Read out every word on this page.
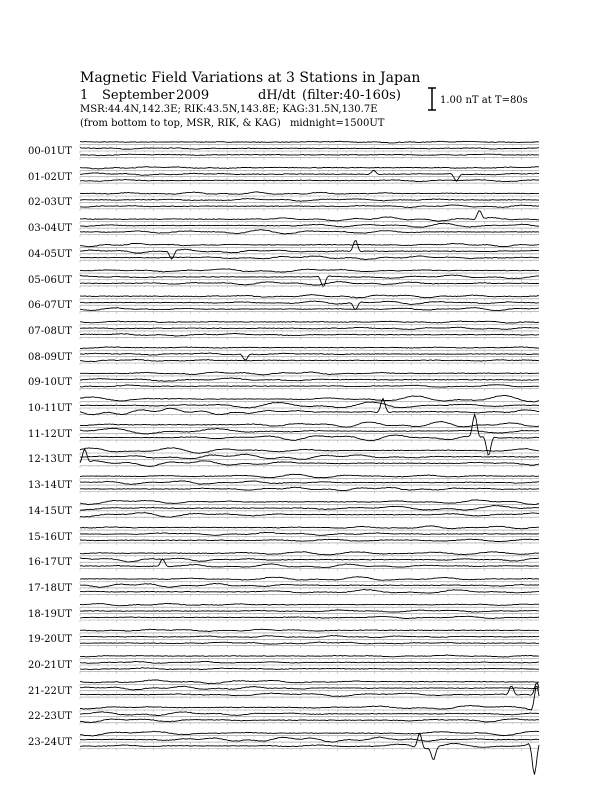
Magnetic Field Variations at 3 Stations in Japan
1 September 2009	dH/dt (filter:40-160s)
MSR:44.4N,142.3E; RIK:43.5N,143.8E; KAG:31.5N,130.7E
(from bottom to top, MSR, RIK, & KAG) midnight=1500UT
1.00 nT at T=80s
00-01UT
01-02UT
02-03UT
03-04UT
04-05UT
05-06UT
06-07UT
07-08UT
08-09UT
09-10UT
10-11UT
11-12UT
12-13UT
13-14UT
14-15UT
15-16UT
16-17UT
17-18UT
18-19UT
19-20UT
20-21UT
21-22UT
22-23UT
23-24UT
